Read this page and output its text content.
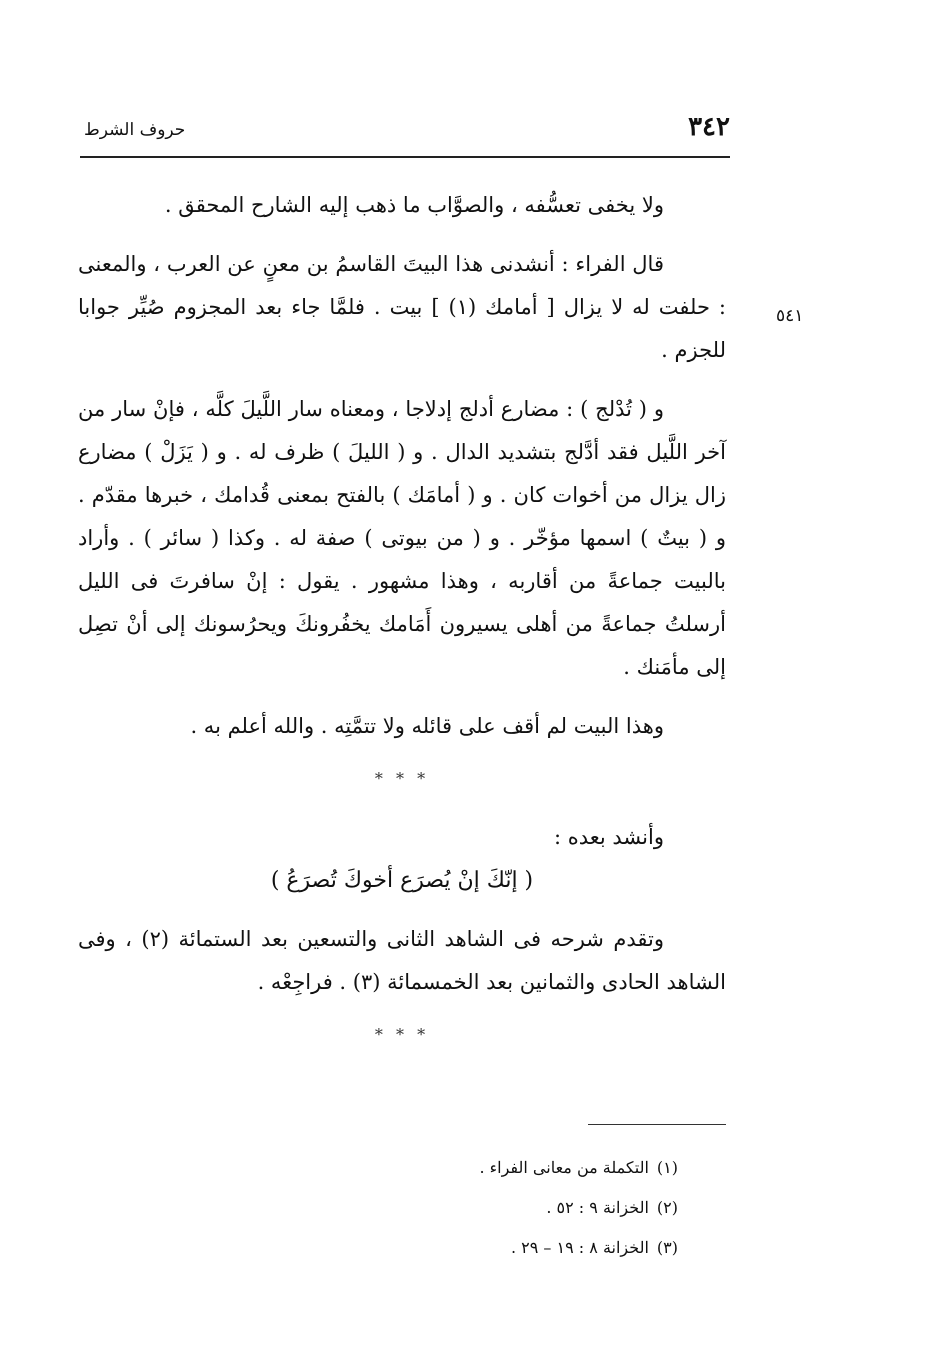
٣٤٢
حروف الشرط
٥٤١

ولا يخفى تعسُّفه ، والصوَّاب ما ذهب إليه الشارح المحقق .

قال الفراء : أنشدنى هذا البيتَ القاسمُ بن معنٍ عن العرب ، والمعنى : حلفت له لا يزال [ أمامك (١) ] بيت . فلمَّا جاء بعد المجزوم صُيِّر جوابا للجزم .

و ( تُدْلج ) : مضارع أدلج إدلاجا ، ومعناه سار اللَّيلَ كلَّه ، فإنْ سار من آخر اللَّيل فقد أدَّلج بتشديد الدال . و ( الليلَ ) ظرف له . و ( يَزَلْ ) مضارع زال يزال من أخوات كان . و ( أمامَك ) بالفتح بمعنى قُدامك ، خبرها مقدّم . و ( بيتٌ ) اسمها مؤخّر . و ( من بيوتى ) صفة له . وكذا ( سائر ) . وأراد بالبيت جماعةً من أقاربه ، وهذا مشهور . يقول : إنْ سافرتَ فى الليل أرسلتُ جماعةً من أهلى يسيرون أَمَامك يخفُرونكَ ويحرُسونك إلى أنْ تصِل إلى مأمَنك .

وهذا البيت لم أقف على قائله ولا تتمَّتِه . والله أعلم به .

* * *

وأنشد بعده :

( إنّكَ إنْ يُصرَع أخوكَ تُصرَعُ )

وتقدم شرحه فى الشاهد الثانى والتسعين بعد الستمائة (٢) ، وفى الشاهد الحادى والثمانين بعد الخمسمائة (٣) . فراجِعْه .

* * *
(١)التكملة من معانى الفراء .
(٢)الخزانة ٩ : ٥٢ .
(٣)الخزانة ٨ : ١٩ – ٢٩ .
